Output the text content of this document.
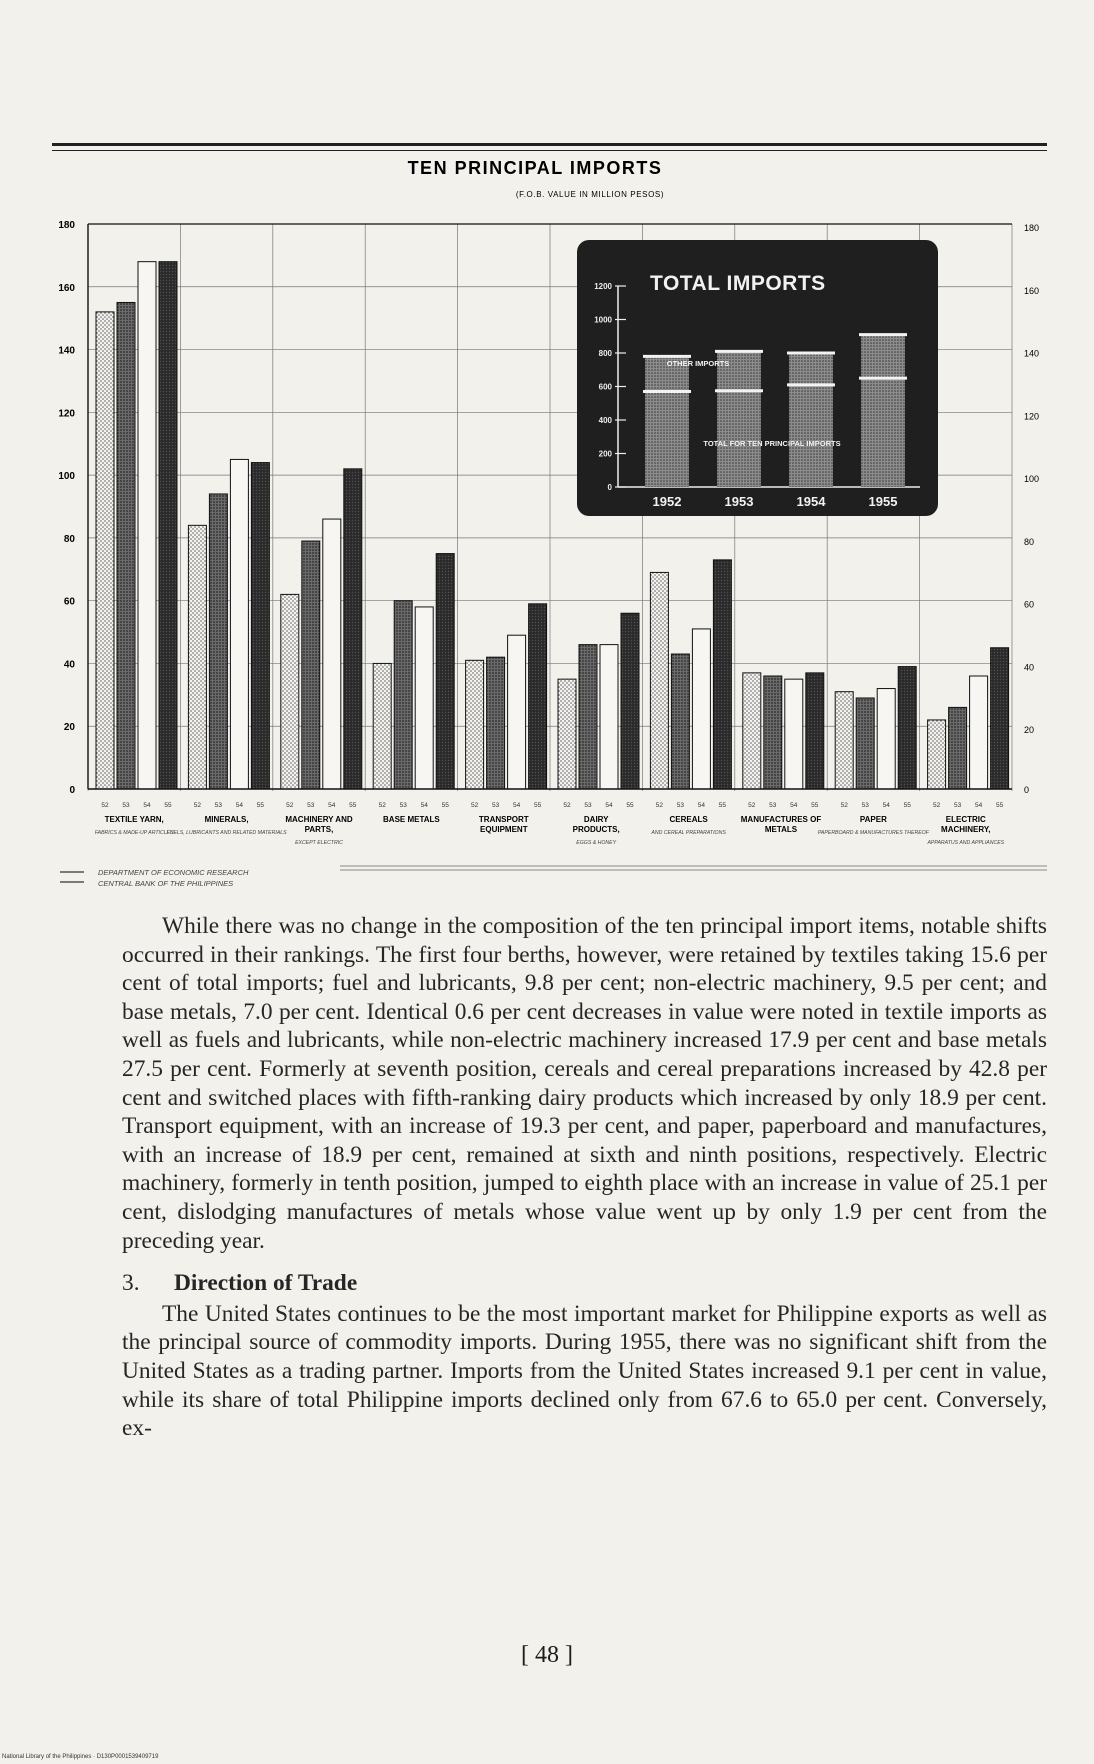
TEN PRINCIPAL IMPORTS
(F.O.B. VALUE IN MILLION PESOS)
0
20
40
60
80
100
120
140
160
180
0
20
40
60
80
100
120
140
160
180
52 53 54 55
TEXTILE YARN,
FABRICS & MADE-UP ARTICLES
52 53 54 55
MINERALS,
FUELS, LUBRICANTS AND RELATED MATERIALS
52 53 54 55
MACHINERY AND
PARTS,
EXCEPT ELECTRIC
52 53 54 55
BASE METALS
52 53 54 55
TRANSPORT
EQUIPMENT
52 53 54 55
DAIRY
PRODUCTS,
EGGS & HONEY
52 53 54 55
CEREALS
AND CEREAL PREPARATIONS
52 53 54 55
MANUFACTURES OF
METALS
52 53 54 55
PAPER
PAPERBOARD & MANUFACTURES THEREOF
52 53 54 55
ELECTRIC
MACHINERY,
APPARATUS AND APPLIANCES
TOTAL IMPORTS
0
200
400
600
800
1000
1200
OTHER IMPORTS
TOTAL FOR TEN PRINCIPAL IMPORTS
1952	1953	1954	1955
DEPARTMENT OF ECONOMIC RESEARCH
CENTRAL BANK OF THE PHILIPPINES

While there was no change in the composition of the ten principal import items, notable shifts occurred in their rankings. The first four berths, however, were retained by textiles taking 15.6 per cent of total imports; fuel and lubricants, 9.8 per cent; non-electric machinery, 9.5 per cent; and base metals, 7.0 per cent. Identical 0.6 per cent decreases in value were noted in textile imports as well as fuels and lubricants, while non-electric machinery increased 17.9 per cent and base metals 27.5 per cent. Formerly at seventh position, cereals and cereal preparations increased by 42.8 per cent and switched places with fifth-ranking dairy products which increased by only 18.9 per cent. Transport equipment, with an increase of 19.3 per cent, and paper, paperboard and manufactures, with an increase of 18.9 per cent, remained at sixth and ninth positions, respectively. Electric machinery, formerly in tenth position, jumped to eighth place with an increase in value of 25.1 per cent, dislodging manufactures of metals whose value went up by only 1.9 per cent from the preceding year.

3. Direction of Trade

The United States continues to be the most important market for Philippine exports as well as the principal source of commodity imports. During 1955, there was no significant shift from the United States as a trading partner. Imports from the United States increased 9.1 per cent in value, while its share of total Philippine imports declined only from 67.6 to 65.0 per cent. Conversely, ex-

[ 48 ]
National Library of the Philippines · D130P0001539409719
